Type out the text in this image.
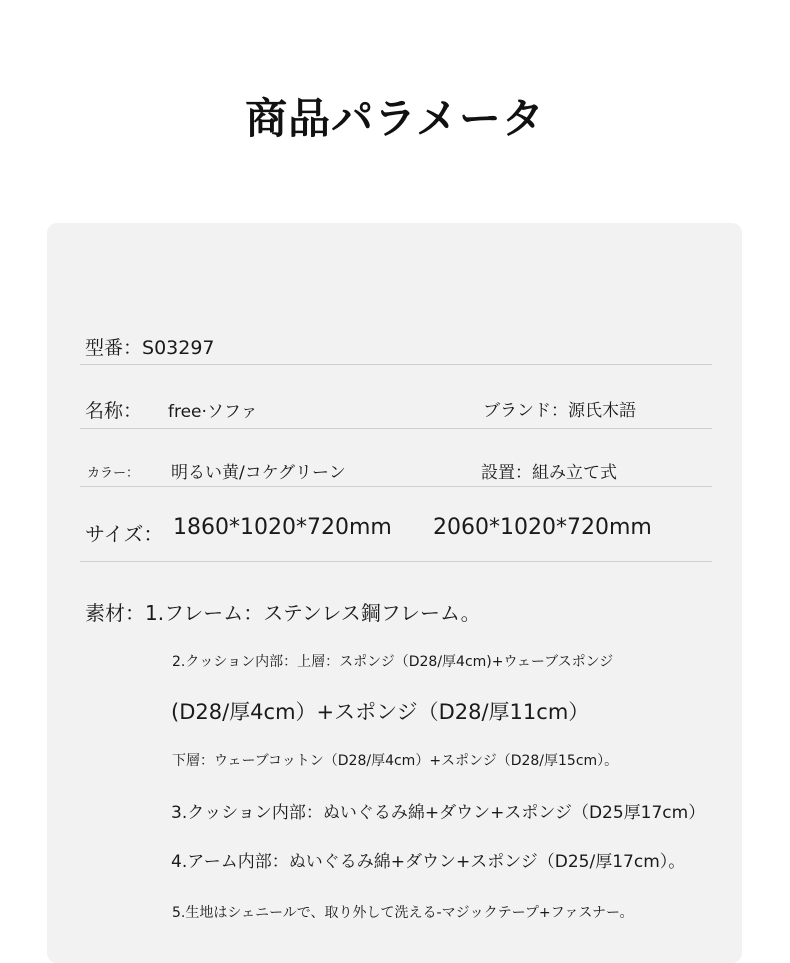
商品パラメータ
型番：S03297
名称： free·ソファ	ブランド：源氏木語
カラー： 明るい黄/コケグリーン	設置：組み立て式
サイズ： 1860*1020*720mm 2060*1020*720mm
素材：1.フレーム：ステンレス鋼フレーム。
2.クッション内部：上層：スポンジ（D28/厚4cm)+ウェーブスポンジ
(D28/厚4cm）+スポンジ（D28/厚11cm）
下層：ウェーブコットン（D28/厚4cm）+スポンジ（D28/厚15cm）。
3.クッション内部：ぬいぐるみ綿+ダウン+スポンジ（D25厚17cm）
4.アーム内部：ぬいぐるみ綿+ダウン+スポンジ（D25/厚17cm）。
5.生地はシェニールで、取り外して洗える-マジックテープ+ファスナー。
